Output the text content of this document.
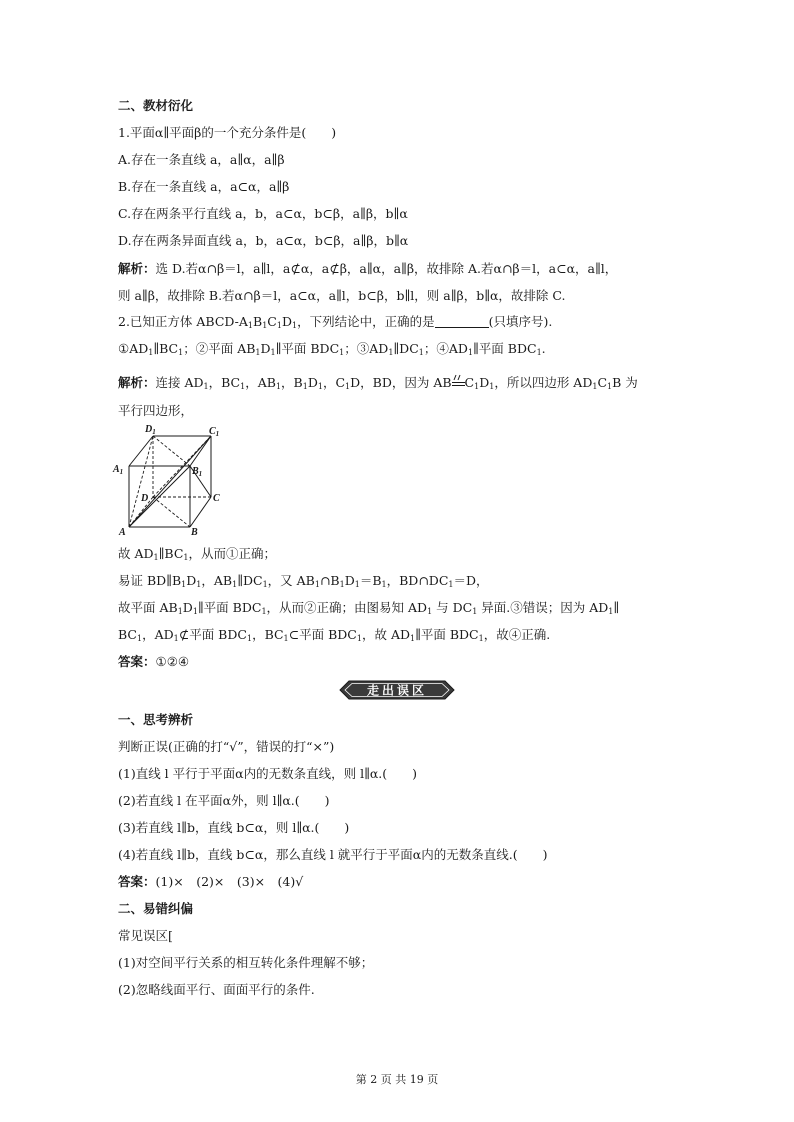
二、教材衍化
1.平面α∥平面β的一个充分条件是(　　)
A.存在一条直线 a，a∥α，a∥β
B.存在一条直线 a，a⊂α，a∥β
C.存在两条平行直线 a，b，a⊂α，b⊂β，a∥β，b∥α
D.存在两条异面直线 a，b，a⊂α，b⊂β，a∥β，b∥α
解析：选 D.若α∩β＝l，a∥l，a⊄α，a⊄β，a∥α，a∥β，故排除 A.若α∩β＝l，a⊂α，a∥l，
则 a∥β，故排除 B.若α∩β＝l，a⊂α，a∥l，b⊂β，b∥l，则 a∥β，b∥α，故排除 C.
2.已知正方体 ABCD-$A_1B_1C_1D_1$，下列结论中，正确的是	(只填序号).
$①AD_1\parallel BC_1$；②平面 $AB_1D_1\parallel$平面 $BDC_1$；$③AD_1\parallel DC_1$；$④AD_1\parallel$平面 $BDC_1$.
解析：连接 $AD_1$，$BC_1$，$AB_1$，$B_1D_1$，$C_1D$，BD，因为 AB $C_1D_1$，所以四边形 $AD_1C_1B$ 为
平行四边形，
$D_1$	$C_1$
$A_1$	$B_1$
D	C
A	B
故 $AD_1\parallel BC_1$，从而①正确；
易证 $BD\parallel B_1D_1$，$AB_1\parallel DC_1$，又 $AB_1\cap B_1D_1=B_1$，$BD\cap DC_1=D$，
故平面 $AB_1D_1\parallel$平面 $BDC_1$，从而②正确；由图易知 $AD_1$ 与 $DC_1$ 异面.③错误；因为 $AD_1\parallel$
$BC_1$，$AD_1⊄$平面 $BDC_1$，$BC_1\subset$平面 $BDC_1$，故 $AD_1\parallel$平面 $BDC_1$，故④正确.
答案：①②④
走出误区
一、思考辨析
判断正误(正确的打“√”，错误的打“×”)
(1)直线 l 平行于平面α内的无数条直线，则 l∥α.(　　)
(2)若直线 l 在平面α外，则 l∥α.(　　)
(3)若直线 l∥b，直线 b⊂α，则 l∥α.(　　)
(4)若直线 l∥b，直线 b⊂α，那么直线 l 就平行于平面α内的无数条直线.(　　)
答案：(1)×　(2)×　(3)×　(4)√
二、易错纠偏
常见误区[
(1)对空间平行关系的相互转化条件理解不够；
(2)忽略线面平行、面面平行的条件.
第 2 页 共 19 页
